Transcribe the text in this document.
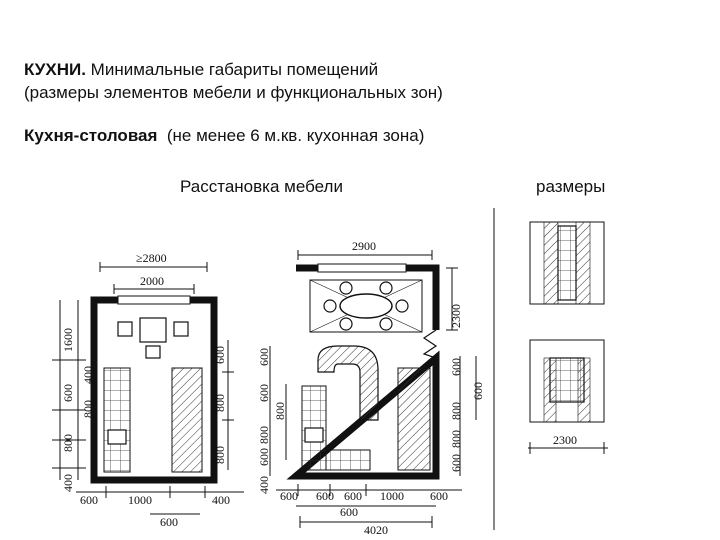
КУХНИ. Минимальные габариты помещений
(размеры элементов мебели и функциональных зон)
Кухня-столовая  (не менее 6 м.кв. кухонная зона)
Расстановка мебели	размеры
≥2800
2000
1600
600
400
800
800
400
600
800
800
600	1000	400
600
2900
2300
600
600
800
800
600
400
600
600
800
800
600
600 600 600 1000 600
600
4020
2300
